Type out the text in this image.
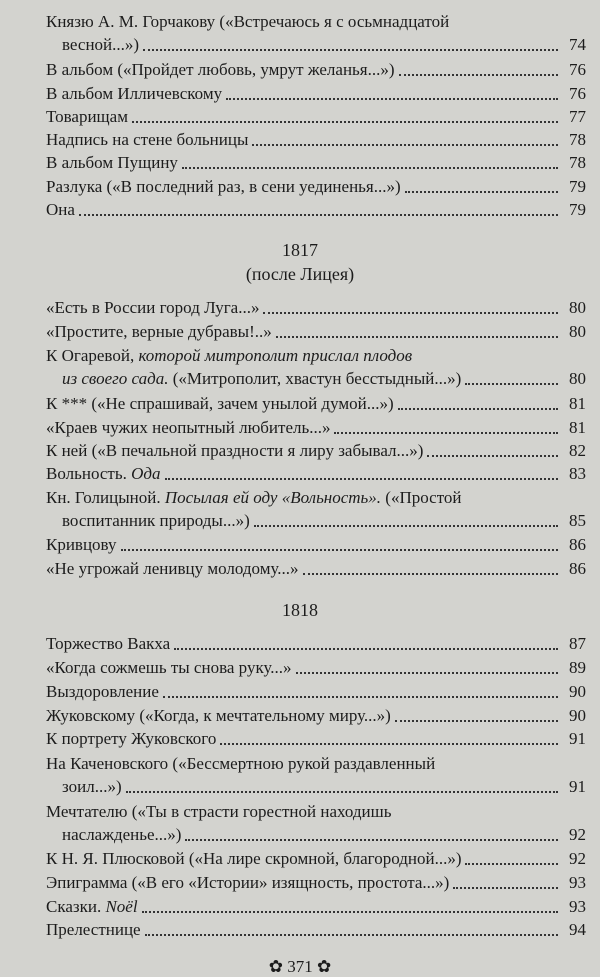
Князю А. М. Горчакову («Встречаюсь я с осьмнадцатой
весной...»)	74
В альбом («Пройдет любовь, умрут желанья...»)	76
В альбом Илличевскому	76
Товарищам	77
Надпись на стене больницы	78
В альбом Пущину	78
Разлука («В последний раз, в сени уединенья...»)	79
Она	79
1817
(после Лицея)
«Есть в России город Луга...»	80
«Простите, верные дубравы!..»	80
К Огаревой, которой митрополит прислал плодов
из своего сада. («Митрополит, хвастун бесстыдный...»)	80
К *** («Не спрашивай, зачем унылой думой...»)	81
«Краев чужих неопытный любитель...»	81
К ней («В печальной праздности я лиру забывал...»)	82
Вольность. Ода	83
Кн. Голицыной. Посылая ей оду «Вольность». («Простой
воспитанник природы...»)	85
Кривцову	86
«Не угрожай ленивцу молодому...»	86
1818
Торжество Вакха	87
«Когда сожмешь ты снова руку...»	89
Выздоровление	90
Жуковскому («Когда, к мечтательному миру...»)	90
К портрету Жуковского	91
На Каченовского («Бессмертною рукой раздавленный
зоил...»)	91
Мечтателю («Ты в страсти горестной находишь
наслажденье...»)	92
К Н. Я. Плюсковой («На лире скромной, благородной...»)	92
Эпиграмма («В его «Истории» изящность, простота...»)	93
Сказки. Noël	93
Прелестнице	94
✿ 371 ✿
